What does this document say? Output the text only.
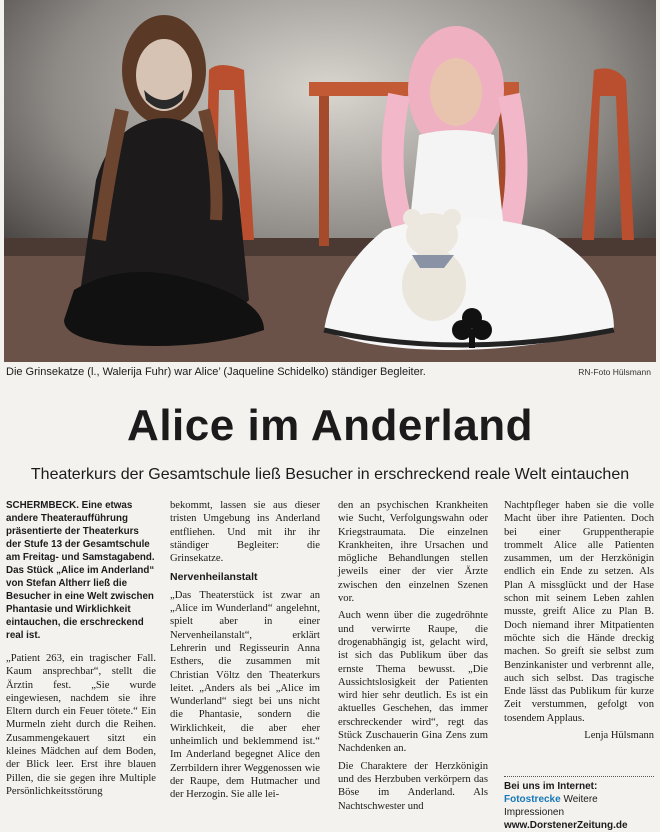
Die Grinsekatze (l., Walerija Fuhr) war Alice’ (Jaqueline Schidelko) ständiger Begleiter.	RN-Foto Hülsmann
Alice im Anderland
Theaterkurs der Gesamtschule ließ Besucher in erschreckend reale Welt eintauchen

SCHERMBECK. Eine etwas andere Theateraufführung präsentierte der Theaterkurs der Stufe 13 der Gesamtschule am Freitag- und Samstagabend. Das Stück „Alice im Anderland“ von Stefan Altherr ließ die Besucher in eine Welt zwischen Phantasie und Wirklichkeit eintauchen, die erschreckend real ist.

„Patient 263, ein tragischer Fall. Kaum ansprechbar“, stellt die Ärztin fest. „Sie wurde eingewiesen, nachdem sie ihre Eltern durch ein Feuer tötete.“ Ein Murmeln zieht durch die Reihen. Zusammengekauert sitzt ein kleines Mädchen auf dem Boden, der Blick leer. Erst ihre blauen Pillen, die sie gegen ihre Multiple Persönlichkeitsstörung

bekommt, lassen sie aus dieser tristen Umgebung ins Anderland entfliehen. Und mit ihr ihr ständiger Begleiter: die Grinsekatze.

Nervenheilanstalt

„Das Theaterstück ist zwar an „Alice im Wunderland“ angelehnt, spielt aber in einer Nervenheilanstalt“, erklärt Lehrerin und Regisseurin Anna Esthers, die zusammen mit Christian Völtz den Theaterkurs leitet. „Anders als bei „Alice im Wunderland“ siegt bei uns nicht die Phantasie, sondern die Wirklichkeit, die aber eher unheimlich und beklemmend ist.“ Im Anderland begegnet Alice den Zerrbildern ihrer Weggenossen wie der Raupe, dem Hutmacher und der Herzogin. Sie alle lei-

den an psychischen Krankheiten wie Sucht, Verfolgungswahn oder Kriegstraumata. Die einzelnen Krankheiten, ihre Ursachen und mögliche Behandlungen stellen jeweils einer der vier Ärzte zwischen den einzelnen Szenen vor.

Auch wenn über die zugedröhnte und verwirrte Raupe, die drogenabhängig ist, gelacht wird, ist sich das Publikum über das ernste Thema bewusst. „Die Aussichtslosigkeit der Patienten wird hier sehr deutlich. Es ist ein aktuelles Geschehen, das immer erschreckender wird“, regt das Stück Zuschauerin Gina Zens zum Nachdenken an.

Die Charaktere der Herzkönigin und des Herzbuben verkörpern das Böse im Anderland. Als Nachtschwester und

Nachtpfleger haben sie die volle Macht über ihre Patienten. Doch bei einer Gruppentherapie trommelt Alice alle Patienten zusammen, um der Herzkönigin endlich ein Ende zu setzen. Als Plan A missglückt und der Hase schon mit seinem Leben zahlen musste, greift Alice zu Plan B. Doch niemand ihrer Mitpatienten möchte sich die Hände dreckig machen. So greift sie selbst zum Benzinkanister und verbrennt alle, auch sich selbst. Das tragische Ende lässt das Publikum für kurze Zeit verstummen, gefolgt von tosendem Applaus.

Lenja Hülsmann
Bei uns im Internet:
Fotostrecke Weitere Impressionen
www.DorstenerZeitung.de
